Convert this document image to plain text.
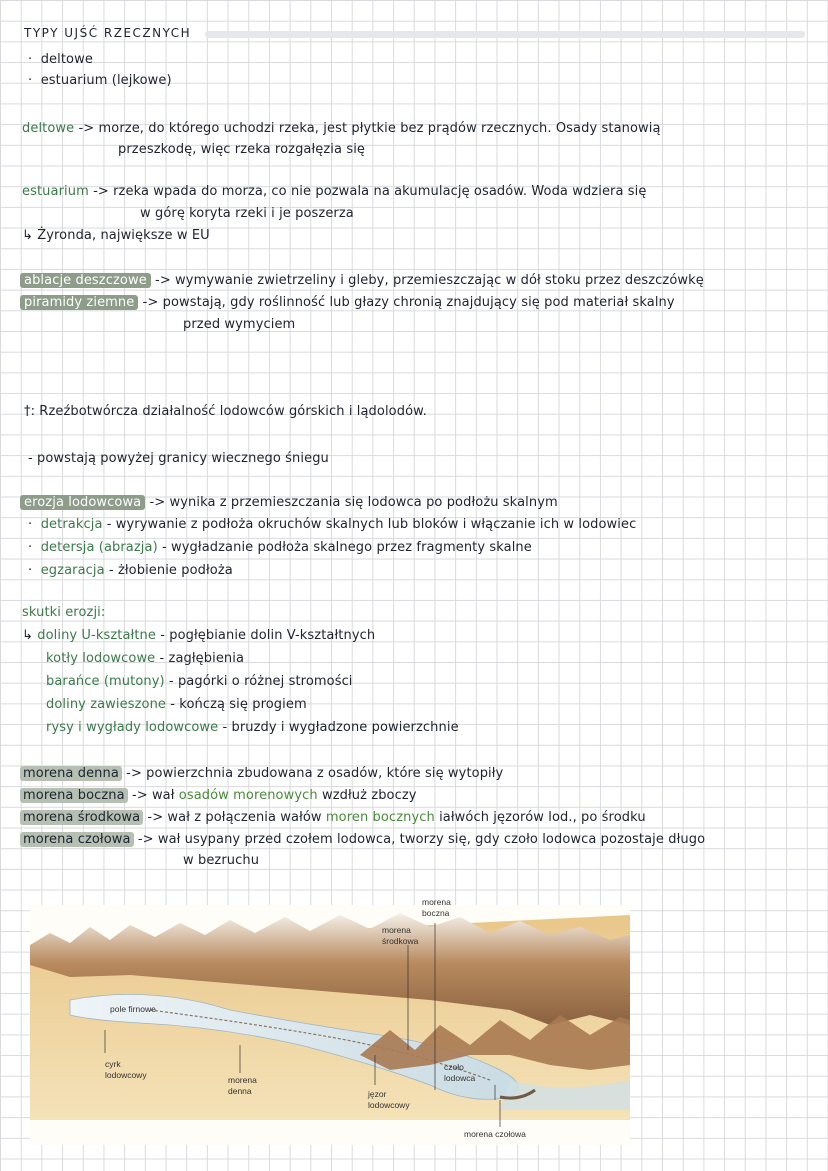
TYPY UJŚĆ RZECZNYCH
·  deltowe
·  estuarium (lejkowe)
deltowe -> morze, do którego uchodzi rzeka, jest płytkie bez prądów rzecznych. Osady stanowią
przeszkodę, więc rzeka rozgałęzia się
estuarium -> rzeka wpada do morza, co nie pozwala na akumulację osadów. Woda wdziera się
w górę koryta rzeki i je poszerza
↳ Żyronda, największe w EU
ablacje deszczowe -> wymywanie zwietrzeliny i gleby, przemieszczając w dół stoku przez deszczówkę
piramidy ziemne -> powstają, gdy roślinność lub głazy chronią znajdujący się pod materiał skalny
przed wymyciem
†: Rzeźbotwórcza działalność lodowców górskich i lądolodów.
- powstają powyżej granicy wiecznego śniegu
erozja lodowcowa -> wynika z przemieszczania się lodowca po podłożu skalnym
·  detrakcja - wyrywanie z podłoża okruchów skalnych lub bloków i włączanie ich w lodowiec
·  detersja (abrazja) - wygładzanie podłoża skalnego przez fragmenty skalne
·  egzaracja - żłobienie podłoża
skutki erozji:
↳ doliny U-kształtne - pogłębianie dolin V-kształtnych
kotły lodowcowe - zagłębienia
barańce (mutony) - pagórki o różnej stromości
doliny zawieszone - kończą się progiem
rysy i wygłady lodowcowe - bruzdy i wygładzone powierzchnie
morena denna -> powierzchnia zbudowana z osadów, które się wytopiły
morena boczna -> wał osadów morenowych wzdłuż zboczy
morena środkowa -> wał z połączenia wałów moren bocznych iałwóch jęzorów lod., po środku
morena czołowa -> wał usypany przed czołem lodowca, tworzy się, gdy czoło lodowca pozostaje długo
w bezruchu
morena
boczna
morena
środkowa
pole firnowe
czoło
lodowca
cyrk
lodowcowy	morena
denna	jęzor
lodowcowy
morena czołowa
